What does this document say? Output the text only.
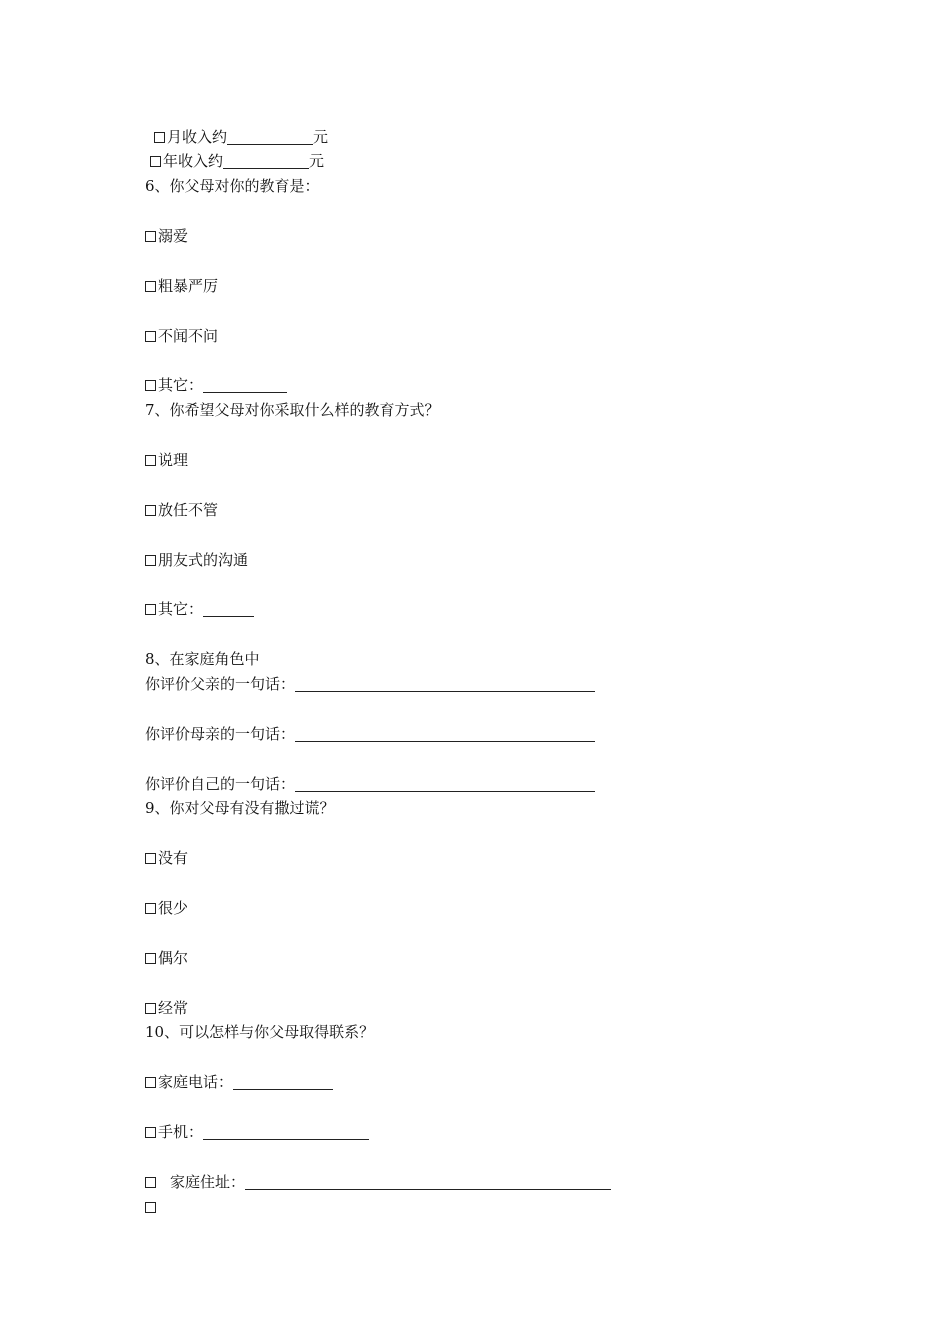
月收入约	元
年收入约	元
6、你父母对你的教育是：
溺爱
粗暴严厉
不闻不问
其它：
7、你希望父母对你采取什么样的教育方式？
说理
放任不管
朋友式的沟通
其它：
8、在家庭角色中
你评价父亲的一句话：
你评价母亲的一句话：
你评价自己的一句话：
9、你对父母有没有撒过谎？
没有
很少
偶尔
经常
10、可以怎样与你父母取得联系？
家庭电话：
手机：
家庭住址：
